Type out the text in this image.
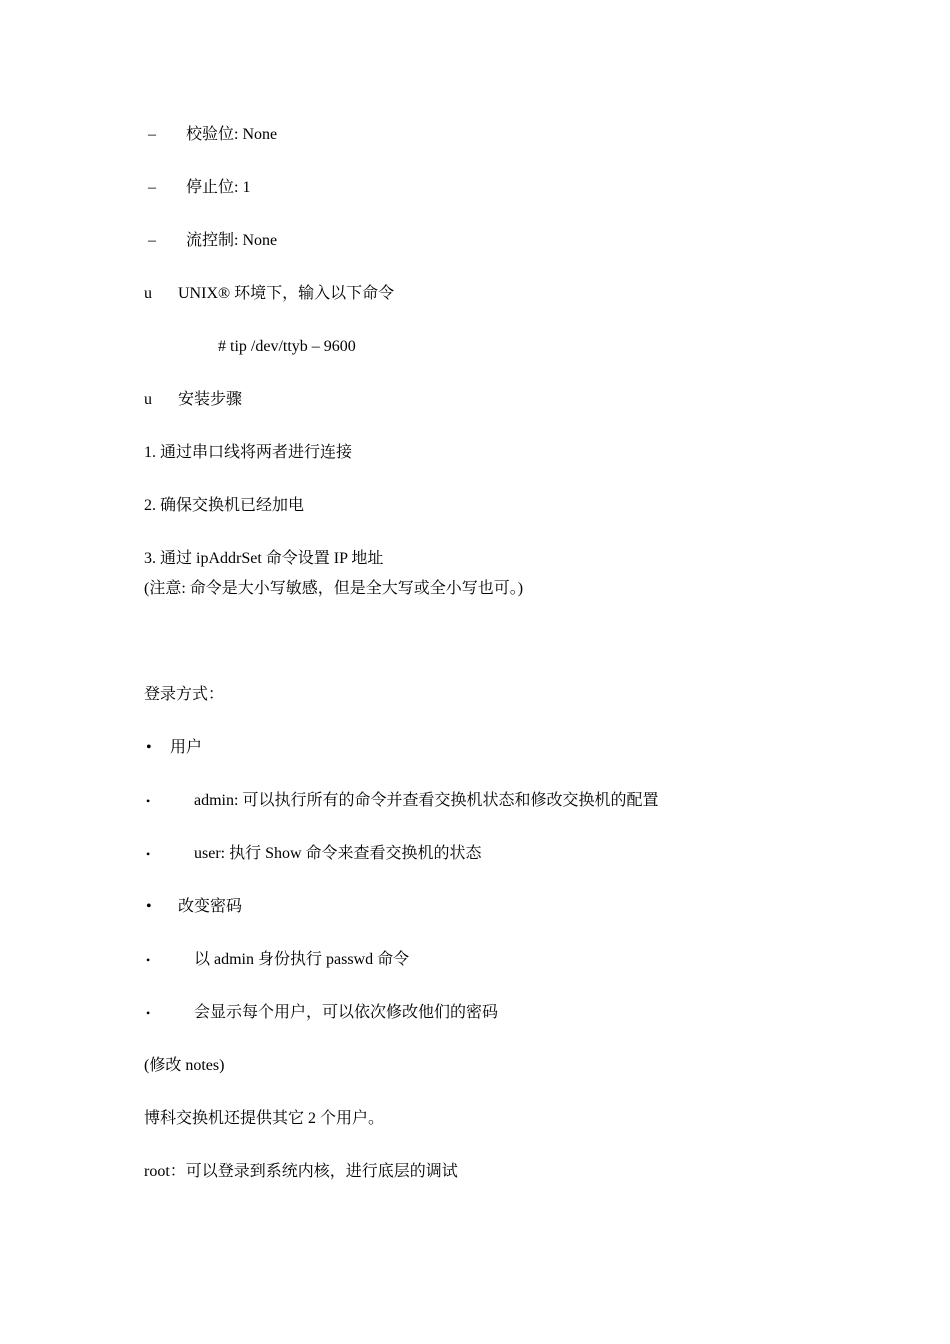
– 校验位: None
– 停止位: 1
– 流控制: None
u UNIX® 环境下，输入以下命令
# tip /dev/ttyb – 9600
u 安装步骤
1. 通过串口线将两者进行连接
2. 确保交换机已经加电
3. 通过 ipAddrSet 命令设置 IP 地址
(注意: 命令是大小写敏感，但是全大写或全小写也可。)
登录方式：
• 用户
•	admin: 可以执行所有的命令并查看交换机状态和修改交换机的配置
•	user: 执行 Show 命令来查看交换机的状态
• 改变密码
•	以 admin 身份执行 passwd 命令
•	会显示每个用户，可以依次修改他们的密码
(修改 notes)
博科交换机还提供其它 2 个用户。
root：可以登录到系统内核，进行底层的调试
